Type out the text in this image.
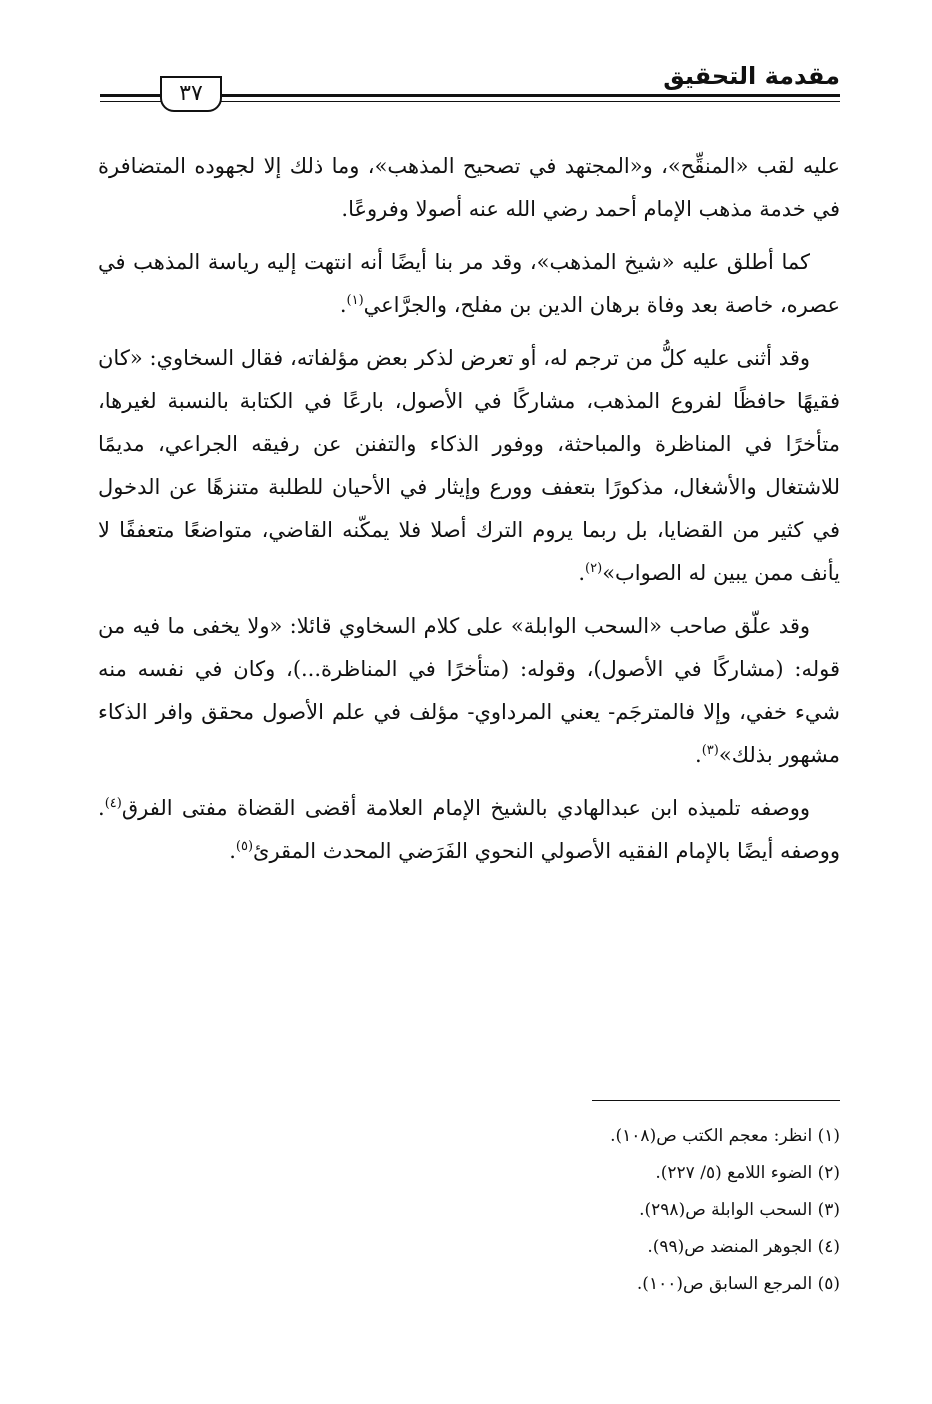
مقدمة التحقيق
٣٧

عليه لقب «المنقِّح»، و«المجتهد في تصحيح المذهب»، وما ذلك إلا لجهوده المتضافرة في خدمة مذهب الإمام أحمد رضي الله عنه أصولا وفروعًا.

كما أطلق عليه «شيخ المذهب»، وقد مر بنا أيضًا أنه انتهت إليه رياسة المذهب في عصره، خاصة بعد وفاة برهان الدين بن مفلح، والجرَّاعي$^{(١)}$.

وقد أثنى عليه كلُّ من ترجم له، أو تعرض لذكر بعض مؤلفاته، فقال السخاوي: «كان فقيهًا حافظًا لفروع المذهب، مشاركًا في الأصول، بارعًا في الكتابة بالنسبة لغيرها، متأخرًا في المناظرة والمباحثة، ووفور الذكاء والتفنن عن رفيقه الجراعي، مديمًا للاشتغال والأشغال، مذكورًا بتعفف وورع وإيثار في الأحيان للطلبة متنزهًا عن الدخول في كثير من القضايا، بل ربما يروم الترك أصلا فلا يمكّنه القاضي، متواضعًا متعففًا لا يأنف ممن يبين له الصواب»$^{(٢)}$.

وقد علّق صاحب «السحب الوابلة» على كلام السخاوي قائلا: «ولا يخفى ما فيه من قوله: (مشاركًا في الأصول)، وقوله: (متأخرًا في المناظرة...)، وكان في نفسه منه شيء خفي، وإلا فالمترجَم- يعني المرداوي- مؤلف في علم الأصول محقق وافر الذكاء مشهور بذلك»$^{(٣)}$.

ووصفه تلميذه ابن عبدالهادي بالشيخ الإمام العلامة أقضى القضاة مفتى الفرق$^{(٤)}$. ووصفه أيضًا بالإمام الفقيه الأصولي النحوي الفَرَضي المحدث المقرئ$^{(٥)}$.

(١) انظر: معجم الكتب ص(١٠٨).
(٢) الضوء اللامع (٥/ ٢٢٧).
(٣) السحب الوابلة ص(٢٩٨).
(٤) الجوهر المنضد ص(٩٩).
(٥) المرجع السابق ص(١٠٠).
